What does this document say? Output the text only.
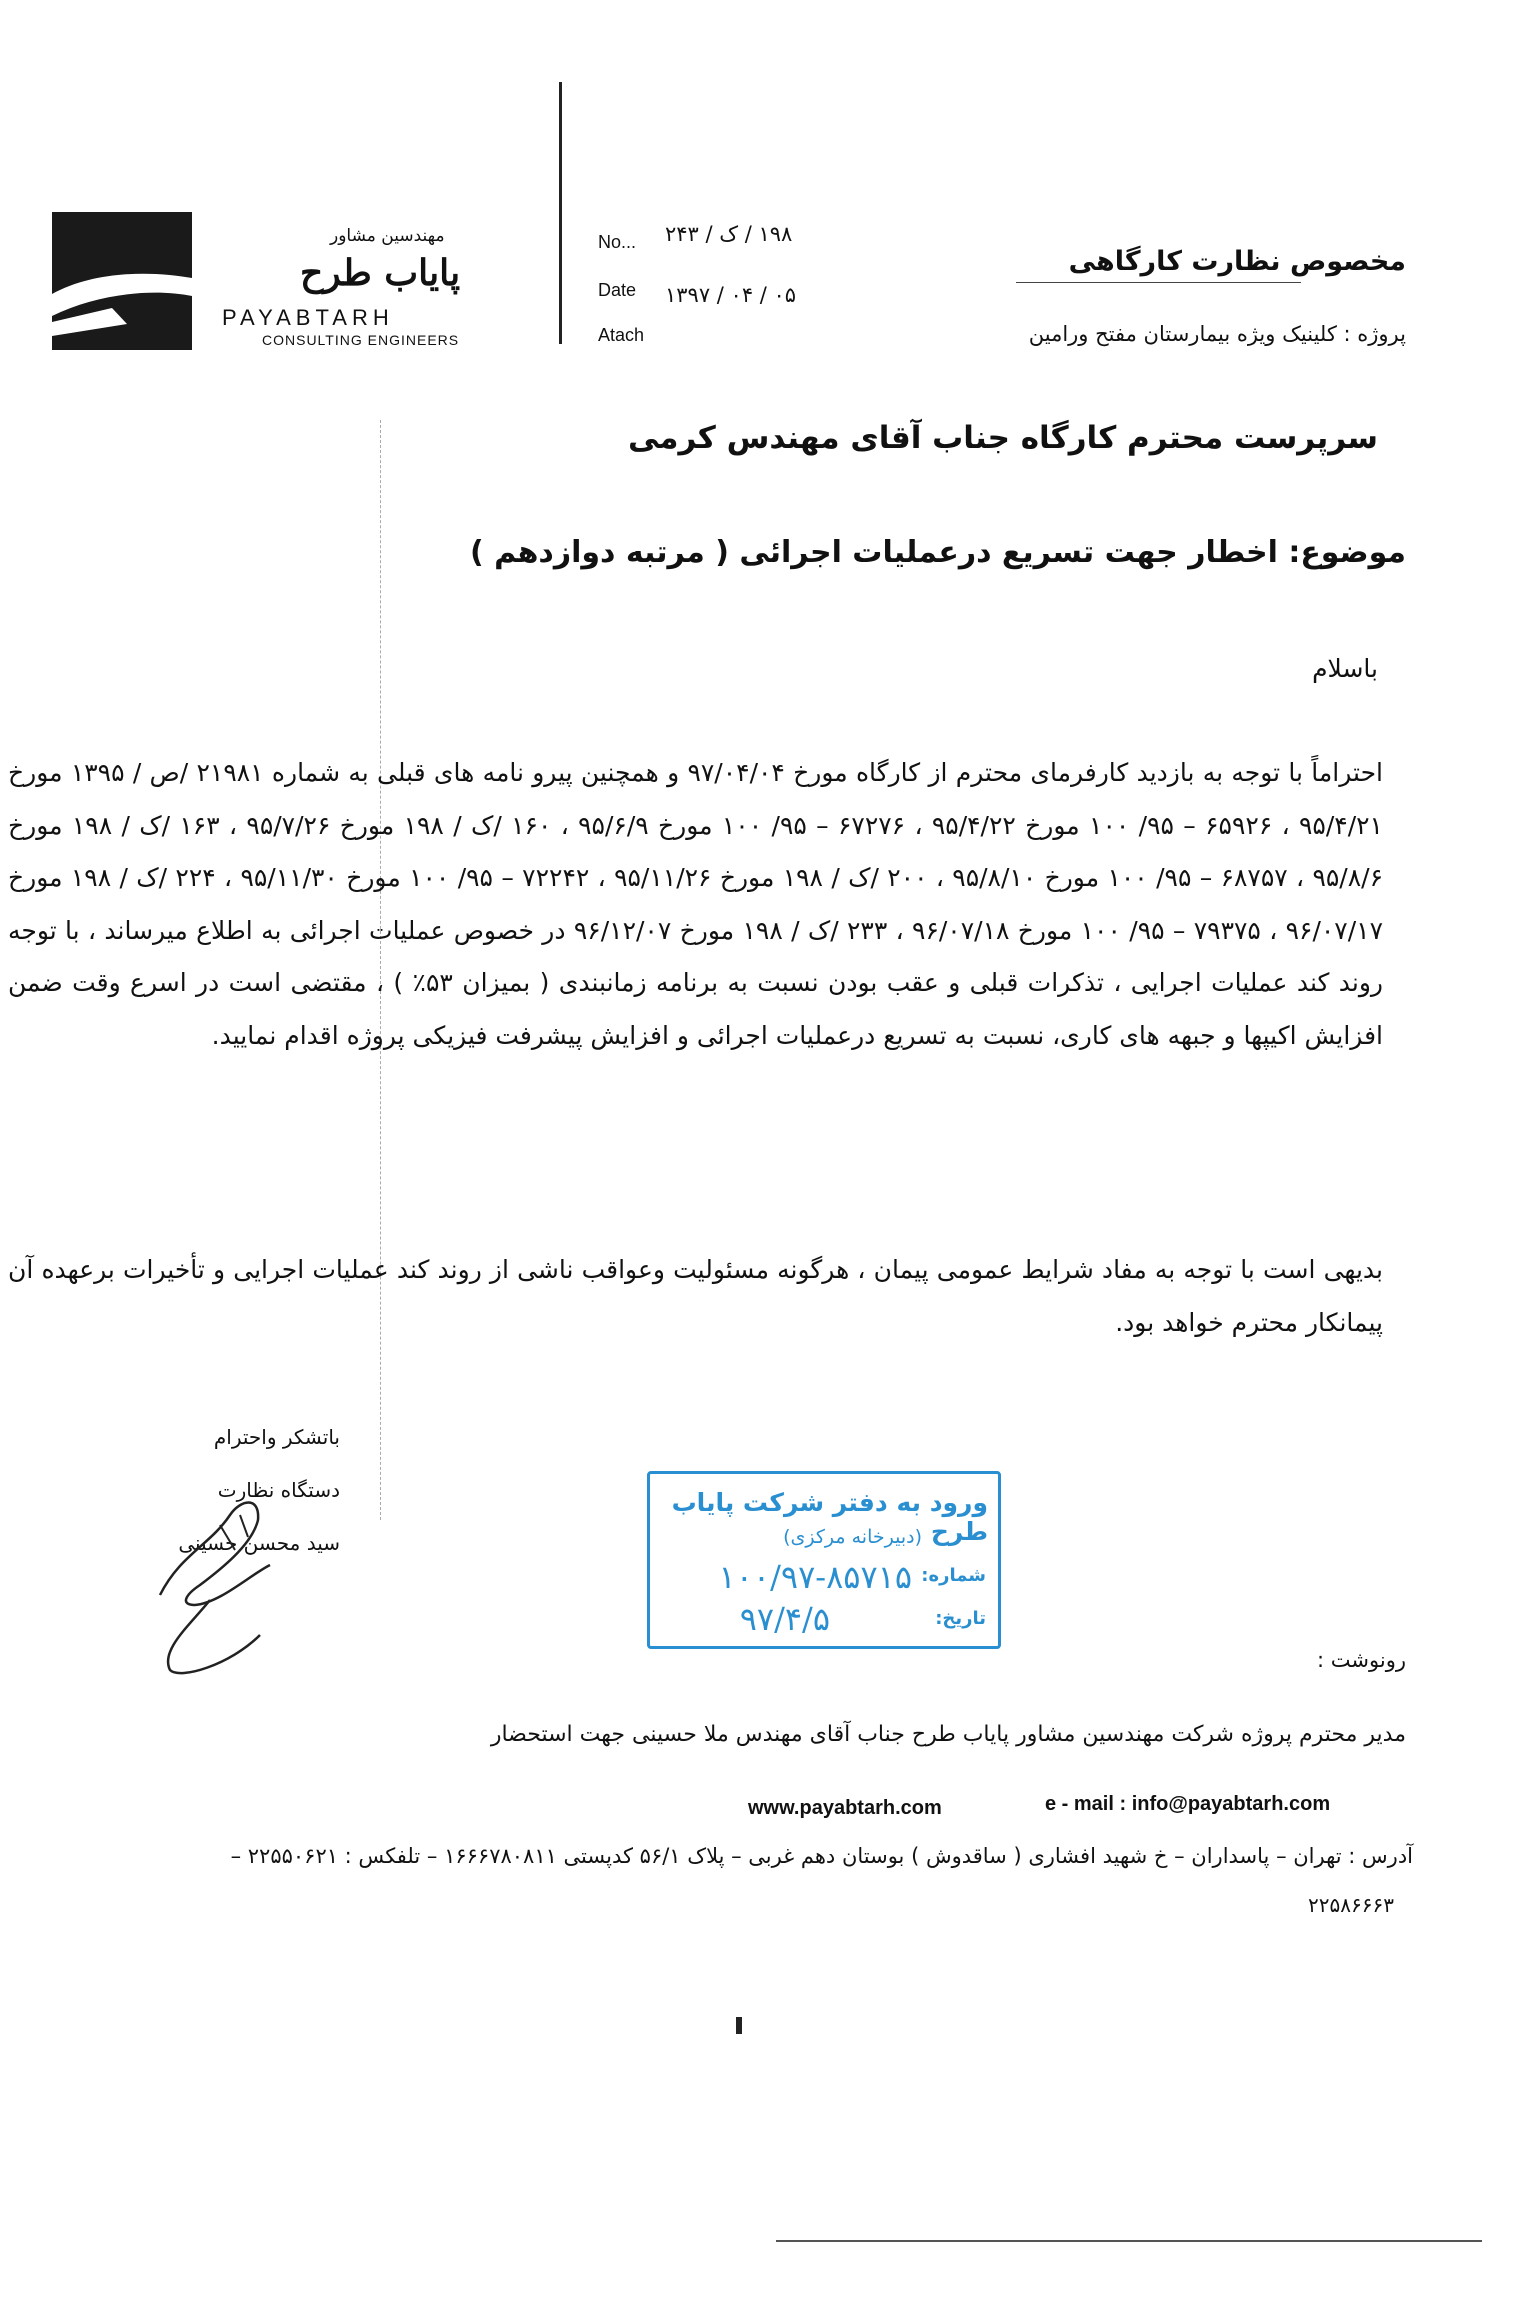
مهندسین مشاور
پایاب طرح
PAYABTARH
CONSULTING ENGINEERS
No... ۱۹۸ / ک / ۲۴۳
Date ۱۳۹۷ / ۰۴ / ۰۵
Atach
مخصوص نظارت کارگاهی
پروژه : کلینیک ویژه بیمارستان مفتح ورامین
سرپرست محترم کارگاه جناب آقای مهندس کرمی
موضوع: اخطار جهت تسریع درعملیات اجرائی ( مرتبه دوازدهم )
باسلام
احتراماً با توجه به بازدید کارفرمای محترم از کارگاه مورخ ۹۷/۰۴/۰۴ و همچنین پیرو نامه های قبلی به شماره ۲۱۹۸۱ /ص / ۱۳۹۵ مورخ ۹۵/۴/۲۱ ، ۶۵۹۲۶ – ۹۵/ ۱۰۰ مورخ ۹۵/۴/۲۲ ، ۶۷۲۷۶ – ۹۵/ ۱۰۰ مورخ ۹۵/۶/۹ ، ۱۶۰ /ک / ۱۹۸ مورخ ۹۵/۷/۲۶ ، ۱۶۳ /ک / ۱۹۸ مورخ ۹۵/۸/۶ ، ۶۸۷۵۷ – ۹۵/ ۱۰۰ مورخ ۹۵/۸/۱۰ ، ۲۰۰ /ک / ۱۹۸ مورخ ۹۵/۱۱/۲۶ ، ۷۲۲۴۲ – ۹۵/ ۱۰۰ مورخ ۹۵/۱۱/۳۰ ، ۲۲۴ /ک / ۱۹۸ مورخ ۹۶/۰۷/۱۷ ، ۷۹۳۷۵ – ۹۵/ ۱۰۰ مورخ ۹۶/۰۷/۱۸ ، ۲۳۳ /ک / ۱۹۸ مورخ ۹۶/۱۲/۰۷ در خصوص عملیات اجرائی به اطلاع میرساند ، با توجه روند کند عملیات اجرایی ، تذکرات قبلی و عقب بودن نسبت به برنامه زمانبندی ( بمیزان ۵۳٪ ) ، مقتضی است در اسرع وقت ضمن افزایش اکیپها و جبهه های کاری، نسبت به تسریع درعملیات اجرائی و افزایش پیشرفت فیزیکی پروژه اقدام نمایید.
بدیهی است با توجه به مفاد شرایط عمومی پیمان ، هرگونه مسئولیت وعواقب ناشی از روند کند عملیات اجرایی و تأخیرات برعهده آن پیمانکار محترم خواهد بود.
باتشکر واحترام
دستگاه نظارت
سید محسن حسینی
ورود به دفتر شرکت پایاب طرح
(دبیرخانه مرکزی)
شماره:
۱۰۰/۹۷-۸۵۷۱۵
تاریخ:
۹۷/۴/۵
رونوشت :
مدیر محترم پروژه شرکت مهندسین مشاور پایاب طرح جناب آقای مهندس ملا حسینی جهت استحضار
www.payabtarh.com	e - mail : info@payabtarh.com
آدرس : تهران – پاسداران – خ شهید افشاری ( ساقدوش ) بوستان دهم غربی – پلاک ۵۶/۱ کدپستی ۱۶۶۶۷۸۰۸۱۱ – تلفکس : ۲۲۵۵۰۶۲۱ –
۲۲۵۸۶۶۶۳
